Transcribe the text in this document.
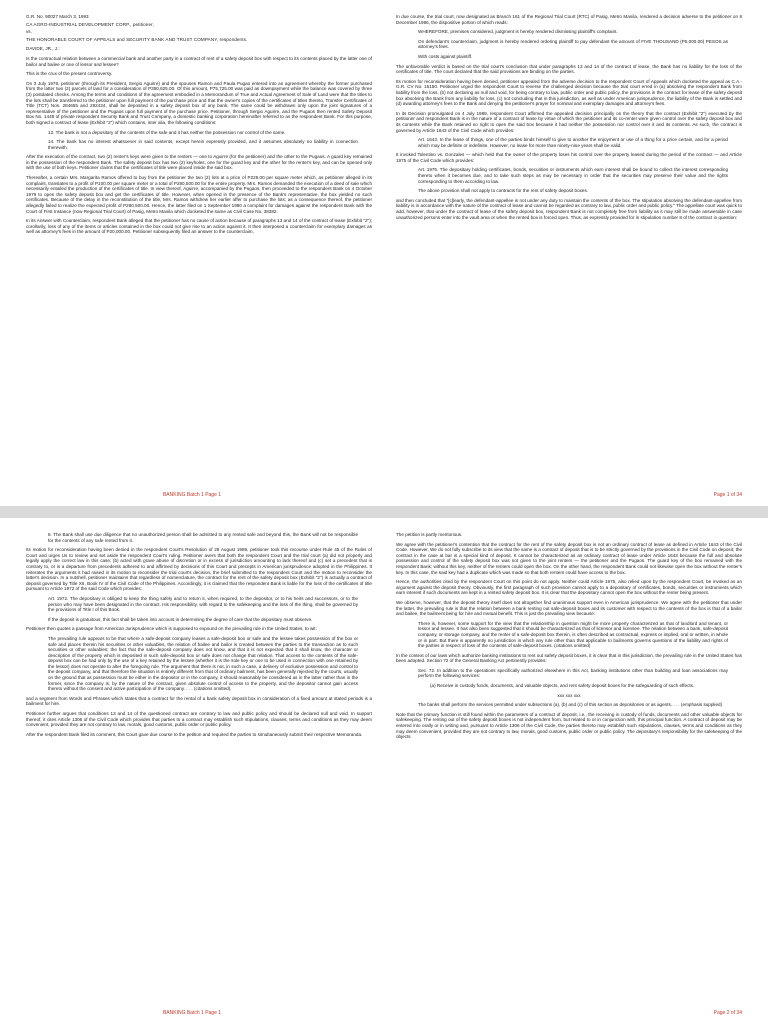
G.R. No. 90027 March 3, 1993

CA AGRO-INDUSTRIAL DEVELOPMENT CORP., petitioner,

vs.

THE HONORABLE COURT OF APPEALS and SECURITY BANK AND TRUST COMPANY, respondents.

DAVIDE, JR., J.:

Is the contractual relation between a commercial bank and another party in a contract of rent of a safety deposit box with respect to its contents placed by the latter one of bailor and bailee or one of lessor and lessee?

This is the crux of the present controversy.

On 3 July 1979, petitioner (through its President, Sergio Aguirre) and the spouses Ramon and Paula Pugao entered into an agreement whereby the former purchased from the latter two (2) parcels of land for a consideration of P350,625.00. Of this amount, P75,725.00 was paid as downpayment while the balance was covered by three (3) postdated checks. Among the terms and conditions of the agreement embodied in a Memorandum of True and Actual Agreement of Sale of Land were that the titles to the lots shall be transferred to the petitioner upon full payment of the purchase price and that the owner's copies of the certificates of titles thereto, Transfer Certificates of Title (TCT) Nos. 284655 and 292434, shall be deposited in a safety deposit box of any bank. The same could be withdrawn only upon the joint signatures of a representative of the petitioner and the Pugaos upon full payment of the purchase price. Petitioner, through Sergio Aguirre, and the Pugaos then rented Safety Deposit Box No. 1448 of private respondent Security Bank and Trust Company, a domestic banking corporation hereinafter referred to as the respondent Bank. For this purpose, both signed a contract of lease (Exhibit "2") which contains, inter alia, the following conditions:

13. The bank is not a depositary of the contents of the safe and it has neither the possession nor control of the same.

14. The bank has no interest whatsoever in said contents, except herein expressly provided, and it assumes absolutely no liability in connection therewith.

After the execution of the contract, two (2) renter's keys were given to the renters — one to Aguirre (for the petitioner) and the other to the Pugaos. A guard key remained in the possession of the respondent Bank. The safety deposit box has two (2) keyholes, one for the guard key and the other for the renter's key, and can be opened only with the use of both keys. Petitioner claims that the certificates of title were placed inside the said box.

Thereafter, a certain Mrs. Margarita Ramos offered to buy from the petitioner the two (2) lots at a price of P225.00 per square meter which, as petitioner alleged in its complaint, translates to a profit of P100.00 per square meter or a total of P280,500.00 for the entire property. Mrs. Ramos demanded the execution of a deed of sale which necessarily entailed the production of the certificates of title. In view thereof, Aguirre, accompanied by the Pugaos, then proceeded to the respondent Bank on 4 October 1979 to open the safety deposit box and get the certificates of title. However, when opened in the presence of the Bank's representative, the box yielded no such certificates. Because of the delay in the reconstitution of the title, Mrs. Ramos withdrew her earlier offer to purchase the lots; as a consequence thereof, the petitioner allegedly failed to realize the expected profit of P280,500.00. Hence, the latter filed on 1 September 1980 a complaint for damages against the respondent Bank with the Court of First Instance (now Regional Trial Court) of Pasig, Metro Manila which docketed the same as Civil Case No. 38382.

In its Answer with Counterclaim, respondent Bank alleged that the petitioner has no cause of action because of paragraphs 13 and 14 of the contract of lease (Exhibit "2"); corollarily, loss of any of the items or articles contained in the box could not give rise to an action against it. It then interposed a counterclaim for exemplary damages as well as attorney's fees in the amount of P20,000.00. Petitioner subsequently filed an answer to the counterclaim.

In due course, the trial court, now designated as Branch 161 of the Regional Trial Court (RTC) of Pasig, Metro Manila, rendered a decision adverse to the petitioner on 8 December 1986, the dispositive portion of which reads:

WHEREFORE, premises considered, judgment is hereby rendered dismissing plaintiff's complaint.

On defendant's counterclaim, judgment is hereby rendered ordering plaintiff to pay defendant the amount of FIVE THOUSAND (P5,000.00) PESOS as attorney's fees.

With costs against plaintiff.

The unfavorable verdict is based on the trial court's conclusion that under paragraphs 13 and 14 of the contract of lease, the Bank has no liability for the loss of the certificates of title. The court declared that the said provisions are binding on the parties.

Its motion for reconsideration having been denied, petitioner appealed from the adverse decision to the respondent Court of Appeals which docketed the appeal as C.A.-G.R. CV No. 15150. Petitioner urged the respondent Court to reverse the challenged decision because the trial court erred in (a) absolving the respondent Bank from liability from the loss, (b) not declaring as null and void, for being contrary to law, public order and public policy, the provisions in the contract for lease of the safety deposit box absolving the Bank from any liability for loss, (c) not concluding that in this jurisdiction, as well as under American jurisprudence, the liability of the Bank is settled and (d) awarding attorney's fees to the Bank and denying the petitioner's prayer for nominal and exemplary damages and attorney's fees.

In its Decision promulgated on 4 July 1989, respondent Court affirmed the appealed decision principally on the theory that the contract (Exhibit "2") executed by the petitioner and respondent Bank is in the nature of a contract of lease by virtue of which the petitioner and its co-renter were given control over the safety deposit box and its contents while the Bank retained no right to open the said box because it had neither the possession nor control over it and its contents. As such, the contract is governed by Article 1643 of the Civil Code which provides:

Art. 1643. In the lease of things, one of the parties binds himself to give to another the enjoyment or use of a thing for a price certain, and for a period which may be definite or indefinite. However, no lease for more than ninety-nine years shall be valid.

It invoked Tolentino vs. Gonzales — which held that the owner of the property loses his control over the property leased during the period of the contract — and Article 1975 of the Civil Code which provides:

Art. 1975. The depositary holding certificates, bonds, securities or instruments which earn interest shall be bound to collect the interest corresponding thereto when it becomes due, and to take such steps as may be necessary in order that the securities may preserve their value and the rights corresponding to them according to law.

The above provision shall not apply to contracts for the rent of safety deposit boxes.

and then concluded that "[c]learly, the defendant-appellee is not under any duty to maintain the contents of the box. The stipulation absolving the defendant-appellee from liability is in accordance with the nature of the contract of lease and cannot be regarded as contrary to law, public order and public policy." The appellate court was quick to add, however, that under the contract of lease of the safety deposit box, respondent Bank is not completely free from liability as it may still be made answerable in case unauthorized persons enter into the vault area or when the rented box is forced open. Thus, as expressly provided for in stipulation number 8 of the contract in question:

BANKING Batch 1 Page 1	Page 1 of 34

8. The Bank shall use due diligence that no unauthorized person shall be admitted to any rented safe and beyond this, the Bank will not be responsible for the contents of any safe rented from it.

Its motion for reconsideration having been denied in the respondent Court's Resolution of 28 August 1989, petitioner took this recourse under Rule 45 of the Rules of Court and urges Us to review and set aside the respondent Court's ruling. Petitioner avers that both the respondent Court and the trial court (a) did not properly and legally apply the correct law in this case; (b) acted with grave abuse of discretion or in excess of jurisdiction amounting to lack thereof and (c) set a precedent that is contrary to, or is a departure from precedents adhered to and affirmed by decisions of this Court and precepts in American jurisprudence adopted in the Philippines. It reiterates the arguments it had raised in its motion to reconsider the trial court's decision, the brief submitted to the respondent Court and the motion to reconsider the latter's decision. In a nutshell, petitioner maintains that regardless of nomenclature, the contract for the rent of the safety deposit box (Exhibit "2") is actually a contract of deposit governed by Title XII, Book IV of the Civil Code of the Philippines. Accordingly, it is claimed that the respondent Bank is liable for the loss of the certificates of title pursuant to Article 1972 of the said Code which provides:

Art. 1972. The depositary is obliged to keep the thing safely and to return it, when required, to the depositor, or to his heirs and successors, or to the person who may have been designated in the contract. His responsibility, with regard to the safekeeping and the loss of the thing, shall be governed by the provisions of Title I of this Book.

If the deposit is gratuitous, this fact shall be taken into account in determining the degree of care that the depositary must observe.

Petitioner then quotes a passage from American Jurisprudence which is supposed to expound on the prevailing rule in the United States, to wit:

The prevailing rule appears to be that where a safe-deposit company leases a safe-deposit box or safe and the lessee takes possession of the box or safe and places therein his securities or other valuables, the relation of bailee and bailor is created between the parties to the transaction as to such securities or other valuables; the fact that the safe-deposit company does not know, and that it is not expected that it shall know, the character or description of the property which is deposited in such safe-deposit box or safe does not change that relation. That access to the contents of the safe-deposit box can be had only by the use of a key retained by the lessee (whether it is the sole key or one to be used in connection with one retained by the lessor) does not operate to alter the foregoing rule. The argument that there is not, in such a case, a delivery of exclusive possession and control to the deposit company, and that therefore the situation is entirely different from that of ordinary bailment, has been generally rejected by the courts, usually on the ground that as possession must be either in the depositor or in the company, it should reasonably be considered as in the latter rather than in the former, since the company is, by the nature of the contract, given absolute control of access to the property, and the depositor cannot gain access thereto without the consent and active participation of the company. . . . (citations omitted).

and a segment from Words and Phrases which states that a contract for the rental of a bank safety deposit box in consideration of a fixed amount at stated periods is a bailment for hire.

Petitioner further argues that conditions 13 and 14 of the questioned contract are contrary to law and public policy and should be declared null and void. In support thereof, it cites Article 1306 of the Civil Code which provides that parties to a contract may establish such stipulations, clauses, terms and conditions as they may deem convenient, provided they are not contrary to law, morals, good customs, public order or public policy.

After the respondent Bank filed its comment, this Court gave due course to the petition and required the parties to simultaneously submit their respective Memoranda.

The petition is partly meritorious.

We agree with the petitioner's contention that the contract for the rent of the safety deposit box is not an ordinary contract of lease as defined in Article 1643 of the Civil Code. However, We do not fully subscribe to its view that the same is a contract of deposit that is to be strictly governed by the provisions in the Civil Code on deposit; the contract in the case at bar is a special kind of deposit. It cannot be characterized as an ordinary contract of lease under Article 1643 because the full and absolute possession and control of the safety deposit box was not given to the joint renters — the petitioner and the Pugaos. The guard key of the box remained with the respondent Bank; without this key, neither of the renters could open the box. On the other hand, the respondent Bank could not likewise open the box without the renter's key. In this case, the said key had a duplicate which was made so that both renters could have access to the box.

Hence, the authorities cited by the respondent Court on this point do not apply. Neither could Article 1975, also relied upon by the respondent Court, be invoked as an argument against the deposit theory. Obviously, the first paragraph of such provision cannot apply to a depositary of certificates, bonds, securities or instruments which earn interest if such documents are kept in a rented safety deposit box. It is clear that the depositary cannot open the box without the renter being present.

We observe, however, that the deposit theory itself does not altogether find unanimous support even in American jurisprudence. We agree with the petitioner that under the latter, the prevailing rule is that the relation between a bank renting out safe-deposit boxes and its customer with respect to the contents of the box is that of a bailor and bailee, the bailment being for hire and mutual benefit. This is just the prevailing view because:

There is, however, some support for the view that the relationship in question might be more properly characterized as that of landlord and tenant, or lessor and lessee. It has also been suggested that it should be characterized as that of licensor and licensee. The relation between a bank, safe-deposit company, or storage company, and the renter of a safe-deposit box therein, is often described as contractual, express or implied, oral or written, in whole or in part. But there is apparently no jurisdiction in which any rule other than that applicable to bailments governs questions of the liability and rights of the parties in respect of loss of the contents of safe-deposit boxes. (citations omitted)

In the context of our laws which authorize banking institutions to rent out safety deposit boxes, it is clear that in this jurisdiction, the prevailing rule in the United States has been adopted. Section 72 of the General Banking Act pertinently provides:

Sec. 72. In addition to the operations specifically authorized elsewhere in this Act, banking institutions other than building and loan associations may perform the following services:

(a) Receive in custody funds, documents, and valuable objects, and rent safety deposit boxes for the safeguarding of such effects.

xxx xxx xxx

The banks shall perform the services permitted under subsections (a), (b) and (c) of this section as depositories or as agents. . . . (emphasis supplied)

Note that the primary function is still found within the parameters of a contract of deposit, i.e., the receiving in custody of funds, documents and other valuable objects for safekeeping. The renting out of the safety deposit boxes is not independent from, but related to or in conjunction with, this principal function. A contract of deposit may be entered into orally or in writing and, pursuant to Article 1306 of the Civil Code, the parties thereto may establish such stipulations, clauses, terms and conditions as they may deem convenient, provided they are not contrary to law, morals, good customs, public order or public policy. The depositary's responsibility for the safekeeping of the objects

BANKING Batch 1 Page 1	Page 2 of 34
